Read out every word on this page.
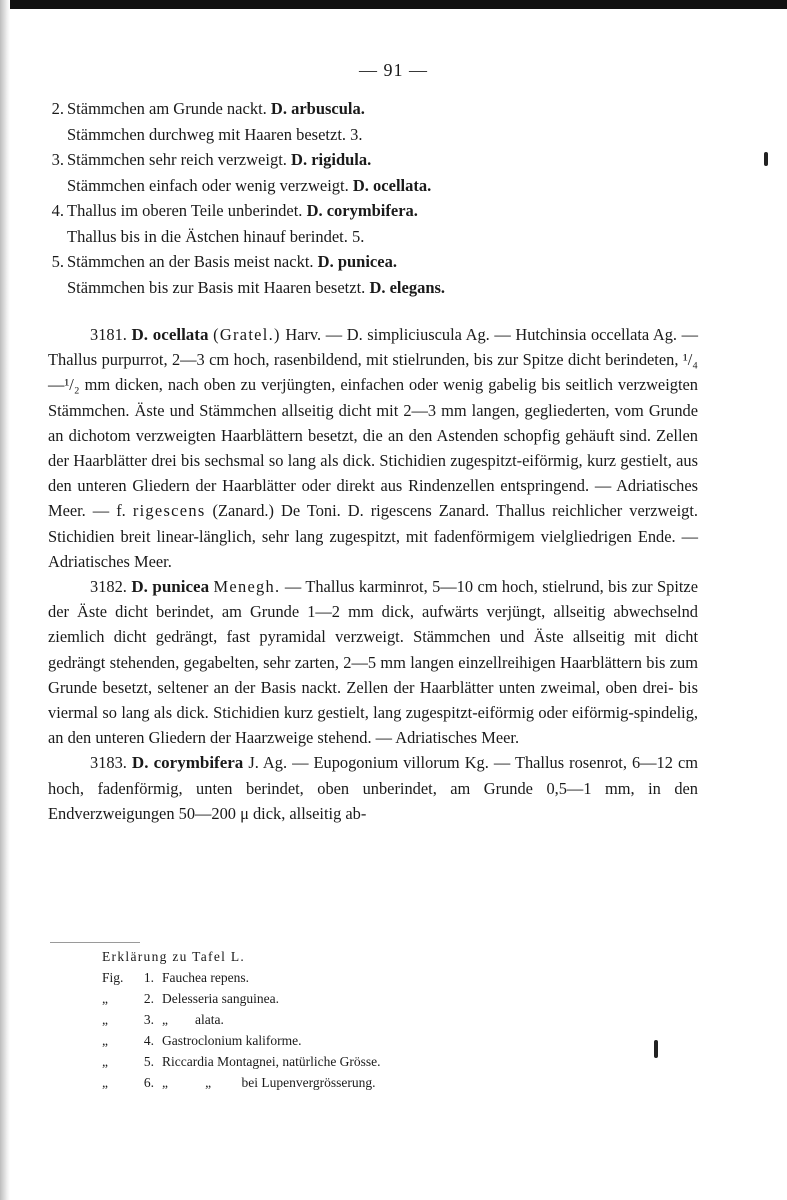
— 91 —
2. Stämmchen am Grunde nackt. D. arbuscula.
Stämmchen durchweg mit Haaren besetzt. 3.
3. Stämmchen sehr reich verzweigt. D. rigidula.
Stämmchen einfach oder wenig verzweigt. D. ocellata.
4. Thallus im oberen Teile unberindet. D. corymbifera.
Thallus bis in die Ästchen hinauf berindet. 5.
5. Stämmchen an der Basis meist nackt. D. punicea.
Stämmchen bis zur Basis mit Haaren besetzt. D. elegans.

3181. D. ocellata (Gratel.) Harv. — D. simpliciuscula Ag. — Hutchinsia occellata Ag. — Thallus purpurrot, 2—3 cm hoch, rasenbildend, mit stielrunden, bis zur Spitze dicht berindeten, ¹/₄—¹/₂ mm dicken, nach oben zu verjüngten, einfachen oder wenig gabelig bis seitlich verzweigten Stämmchen. Äste und Stämmchen allseitig dicht mit 2—3 mm langen, gegliederten, vom Grunde an dichotom verzweigten Haarblättern besetzt, die an den Astenden schopfig gehäuft sind. Zellen der Haarblätter drei bis sechsmal so lang als dick. Stichidien zugespitzt-eiförmig, kurz gestielt, aus den unteren Gliedern der Haarblätter oder direkt aus Rindenzellen entspringend. — Adriatisches Meer. — f. rigescens (Zanard.) De Toni. D. rigescens Zanard. Thallus reichlicher verzweigt. Stichidien breit linear-länglich, sehr lang zugespitzt, mit fadenförmigem vielgliedrigen Ende. — Adriatisches Meer.

3182. D. punicea Menegh. — Thallus karminrot, 5—10 cm hoch, stielrund, bis zur Spitze der Äste dicht berindet, am Grunde 1—2 mm dick, aufwärts verjüngt, allseitig abwechselnd ziemlich dicht gedrängt, fast pyramidal verzweigt. Stämmchen und Äste allseitig mit dicht gedrängt stehenden, gegabelten, sehr zarten, 2—5 mm langen einzellreihigen Haarblättern bis zum Grunde besetzt, seltener an der Basis nackt. Zellen der Haarblätter unten zweimal, oben drei- bis viermal so lang als dick. Stichidien kurz gestielt, lang zugespitzt-eiförmig oder eiförmig-spindelig, an den unteren Gliedern der Haarzweige stehend. — Adriatisches Meer.

3183. D. corymbifera J. Ag. — Eupogonium villorum Kg. — Thallus rosenrot, 6—12 cm hoch, fadenförmig, unten berindet, oben unberindet, am Grunde 0,5—1 mm, in den Endverzweigungen 50—200 μ dick, allseitig ab-

Erklärung zu Tafel L.
Fig.	1. Fauchea repens.
„	2. Delesseria sanguinea.
„	3. „        alata.
„	4. Gastroclonium kaliforme.
„	5. Riccardia Montagnei, natürliche Grösse.
„	6. „           „         bei Lupenvergrösserung.
